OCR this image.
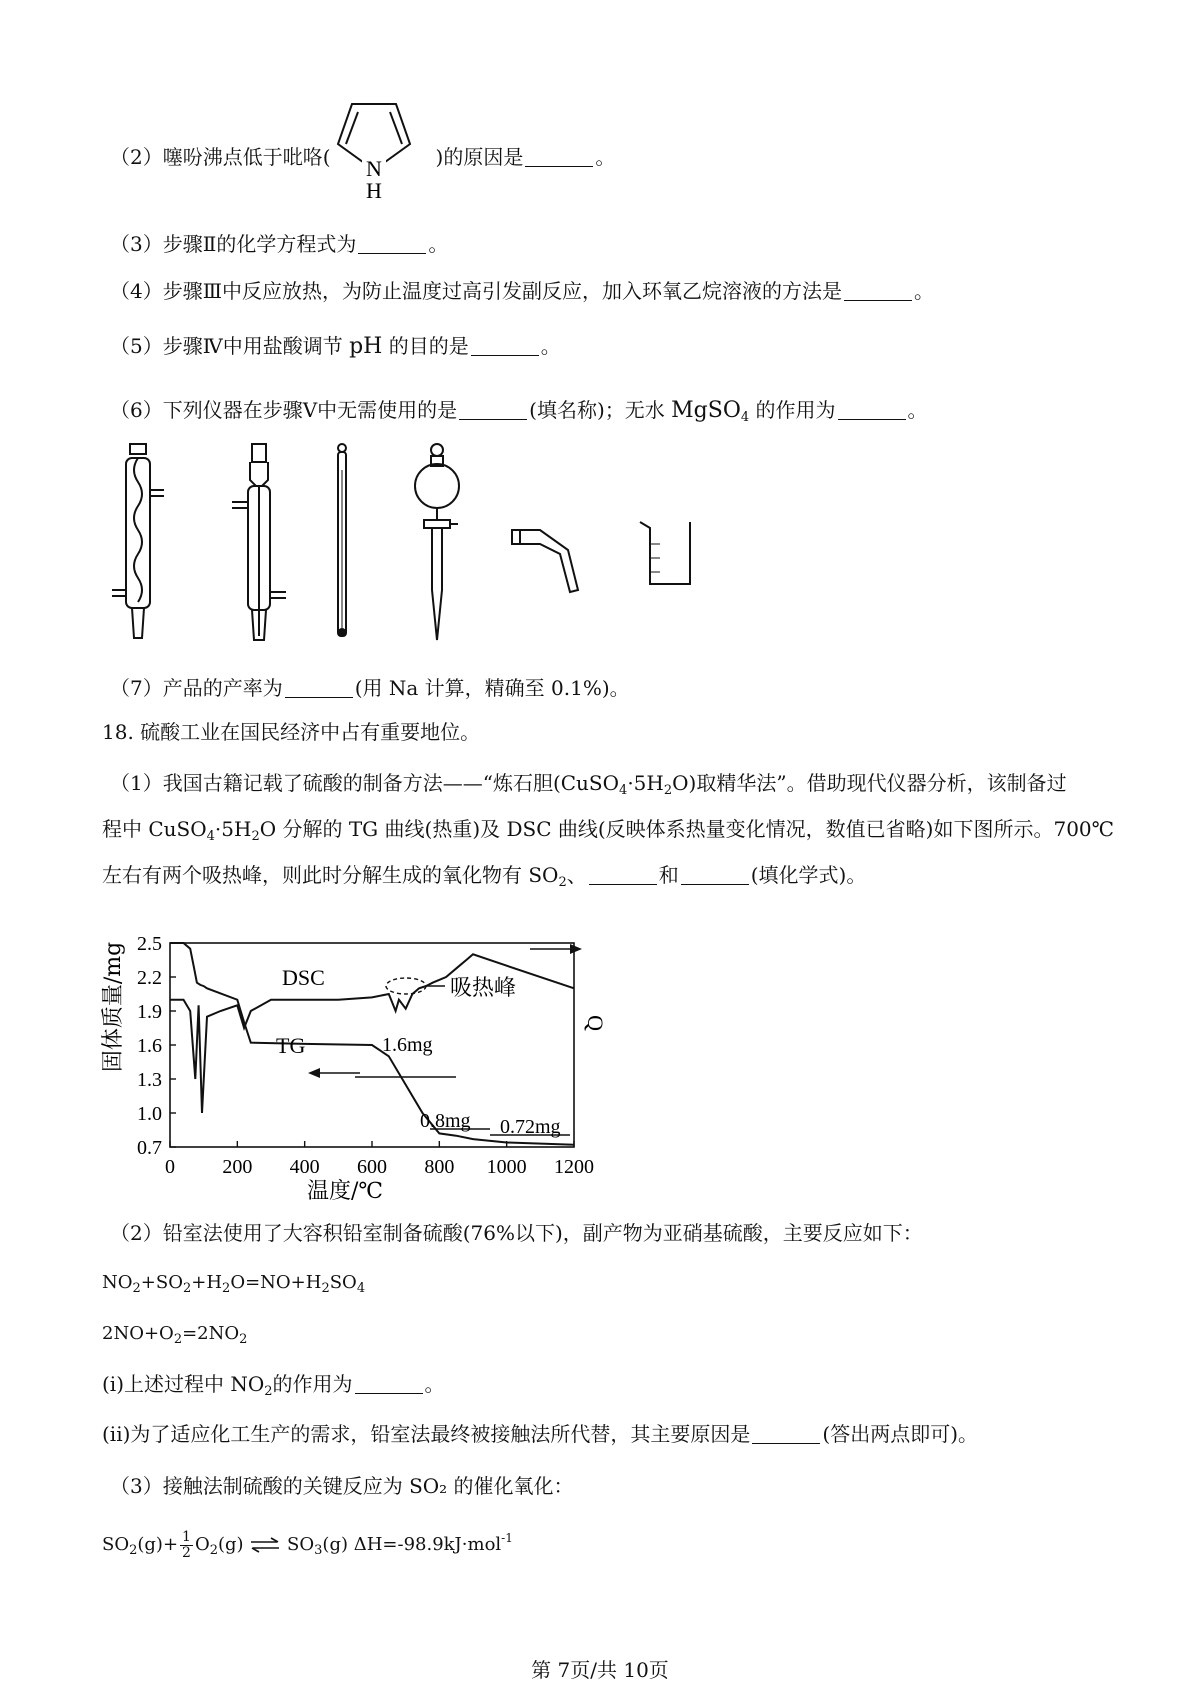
（2）噻吩沸点低于吡咯(	)的原因是	。
N
H
（3）步骤Ⅱ的化学方程式为	。
（4）步骤Ⅲ中反应放热，为防止温度过高引发副反应，加入环氧乙烷溶液的方法是	。
（5）步骤Ⅳ中用盐酸调节 pH 的目的是	。
（6）下列仪器在步骤Ⅴ中无需使用的是	(填名称)；无水 MgSO$_4$ 的作用为	。
（7）产品的产率为	(用 Na 计算，精确至 0.1%)。
18. 硫酸工业在国民经济中占有重要地位。
（1）我国古籍记载了硫酸的制备方法——“炼石胆$(CuSO_4\cdot 5H_2O)$取精华法”。借助现代仪器分析，该制备过
程中 $CuSO_4\cdot 5H_2O$ 分解的 TG 曲线(热重)及 DSC 曲线(反映体系热量变化情况，数值已省略)如下图所示。700℃
左右有两个吸热峰，则此时分解生成的氧化物有 $SO_2$、	和	(填化学式)。
0 200 400 600 800 1000 1200
2.5
2.2
1.9
1.6
1.3
1.0
0.7
DSC
TG
吸热峰
1.6mg
0.8mg 0.72mg
温度/℃
固体质量/mg	Q
（2）铅室法使用了大容积铅室制备硫酸(76%以下)，副产物为亚硝基硫酸，主要反应如下：
$NO_2+SO_2+H_2O=NO+H_2SO_4$
$2NO+O_2=2NO_2$
(i)上述过程中 $NO_2$的作用为	。
(ii)为了适应化工生产的需求，铅室法最终被接触法所代替，其主要原因是	(答出两点即可)。
（3）接触法制硫酸的关键反应为 SO₂ 的催化氧化：
$SO_2(g)+ \frac{1}{2} O_2(g)$ ⇌ $SO_3(g)$ ΔH=-98.9kJ·mol$^{-1}$
第 7页/共 10页
